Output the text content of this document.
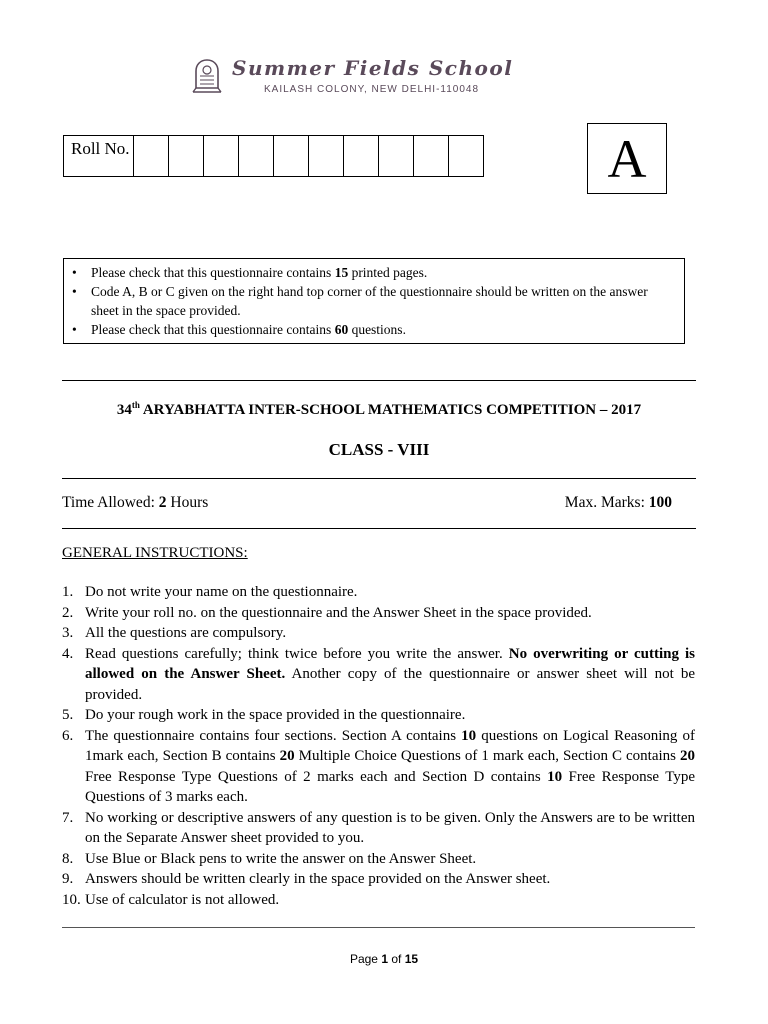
Summer Fields School
KAILASH COLONY, NEW DELHI-110048
Roll No.											A
• Please check that this questionnaire contains 15 printed pages.
• Code A, B or C given on the right hand top corner of the questionnaire should be written on the answer sheet in the space provided.
• Please check that this questionnaire contains 60 questions.
34th ARYABHATTA INTER-SCHOOL MATHEMATICS COMPETITION – 2017
CLASS - VIII
Time Allowed: 2 Hours	Max. Marks: 100
GENERAL INSTRUCTIONS:
1. Do not write your name on the questionnaire.
2. Write your roll no. on the questionnaire and the Answer Sheet in the space provided.
3. All the questions are compulsory.
4. Read questions carefully; think twice before you write the answer. No overwriting or cutting is allowed on the Answer Sheet. Another copy of the questionnaire or answer sheet will not be provided.
5. Do your rough work in the space provided in the questionnaire.
6. The questionnaire contains four sections. Section A contains 10 questions on Logical Reasoning of 1mark each, Section B contains 20 Multiple Choice Questions of 1 mark each, Section C contains 20 Free Response Type Questions of 2 marks each and Section D contains 10 Free Response Type Questions of 3 marks each.
7. No working or descriptive answers of any question is to be given. Only the Answers are to be written on the Separate Answer sheet provided to you.
8. Use Blue or Black pens to write the answer on the Answer Sheet.
9. Answers should be written clearly in the space provided on the Answer sheet.
10. Use of calculator is not allowed.
Page 1 of 15
